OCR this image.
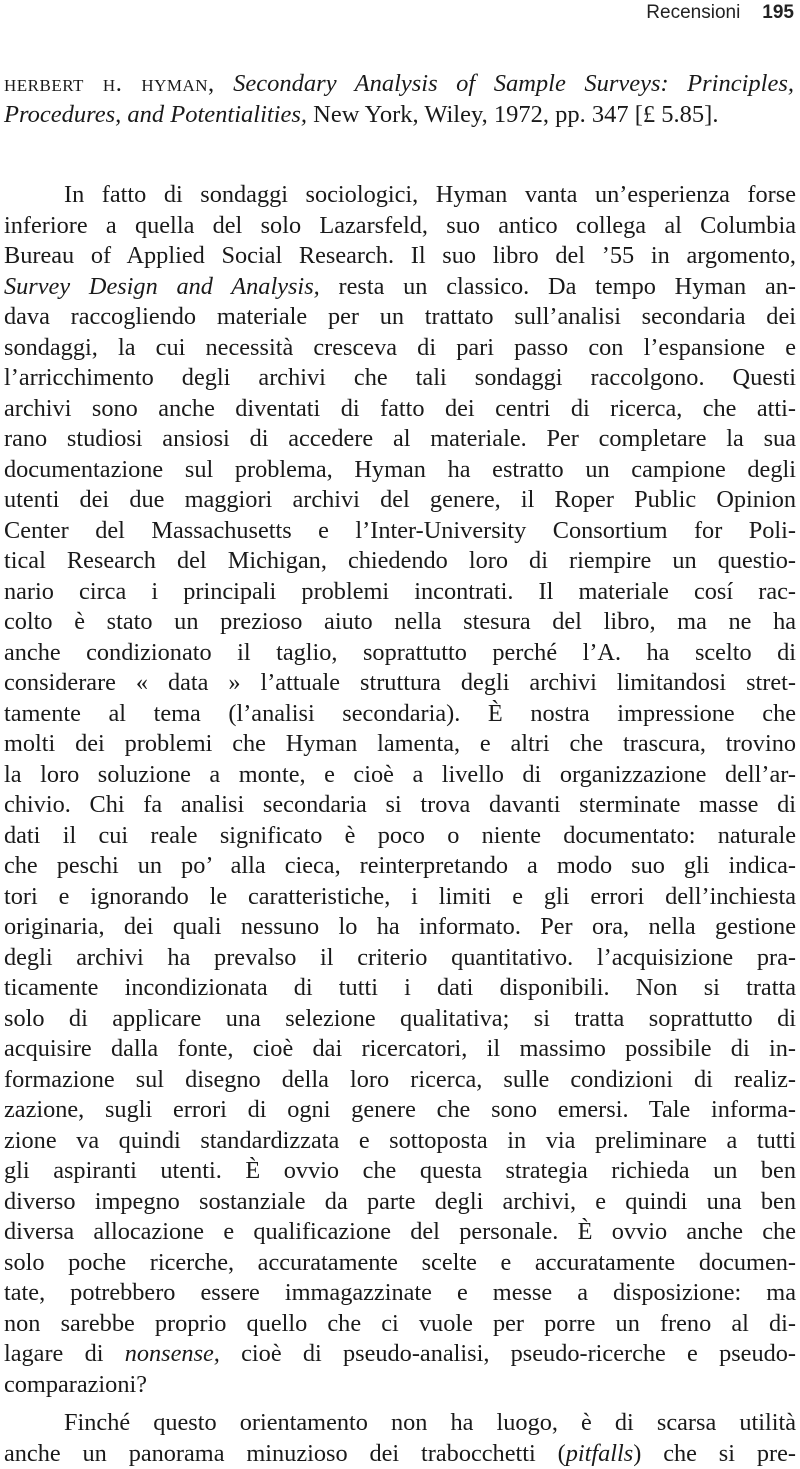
Recensioni 195
herbert h. hyman, Secondary Analysis of Sample Surveys: Principles, Procedures, and Potentialities, New York, Wiley, 1972, pp. 347 [£ 5.85].
In fatto di sondaggi sociologici, Hyman vanta un’esperienza forse
inferiore a quella del solo Lazarsfeld, suo antico collega al Columbia
Bureau of Applied Social Research. Il suo libro del ’55 in argomento,
Survey Design and Analysis, resta un classico. Da tempo Hyman an-
dava raccogliendo materiale per un trattato sull’analisi secondaria dei
sondaggi, la cui necessità cresceva di pari passo con l’espansione e
l’arricchimento degli archivi che tali sondaggi raccolgono. Questi
archivi sono anche diventati di fatto dei centri di ricerca, che atti-
rano studiosi ansiosi di accedere al materiale. Per completare la sua
documentazione sul problema, Hyman ha estratto un campione degli
utenti dei due maggiori archivi del genere, il Roper Public Opinion
Center del Massachusetts e l’Inter-University Consortium for Poli-
tical Research del Michigan, chiedendo loro di riempire un questio-
nario circa i principali problemi incontrati. Il materiale cosí rac-
colto è stato un prezioso aiuto nella stesura del libro, ma ne ha
anche condizionato il taglio, soprattutto perché l’A. ha scelto di
considerare « data » l’attuale struttura degli archivi limitandosi stret-
tamente al tema (l’analisi secondaria). È nostra impressione che
molti dei problemi che Hyman lamenta, e altri che trascura, trovino
la loro soluzione a monte, e cioè a livello di organizzazione dell’ar-
chivio. Chi fa analisi secondaria si trova davanti sterminate masse di
dati il cui reale significato è poco o niente documentato: naturale
che peschi un po’ alla cieca, reinterpretando a modo suo gli indica-
tori e ignorando le caratteristiche, i limiti e gli errori dell’inchiesta
originaria, dei quali nessuno lo ha informato. Per ora, nella gestione
degli archivi ha prevalso il criterio quantitativo. l’acquisizione pra-
ticamente incondizionata di tutti i dati disponibili. Non si tratta
solo di applicare una selezione qualitativa; si tratta soprattutto di
acquisire dalla fonte, cioè dai ricercatori, il massimo possibile di in-
formazione sul disegno della loro ricerca, sulle condizioni di realiz-
zazione, sugli errori di ogni genere che sono emersi. Tale informa-
zione va quindi standardizzata e sottoposta in via preliminare a tutti
gli aspiranti utenti. È ovvio che questa strategia richieda un ben
diverso impegno sostanziale da parte degli archivi, e quindi una ben
diversa allocazione e qualificazione del personale. È ovvio anche che
solo poche ricerche, accuratamente scelte e accuratamente documen-
tate, potrebbero essere immagazzinate e messe a disposizione: ma
non sarebbe proprio quello che ci vuole per porre un freno al di-
lagare di nonsense, cioè di pseudo-analisi, pseudo-ricerche e pseudo-
comparazioni?
Finché questo orientamento non ha luogo, è di scarsa utilità
anche un panorama minuzioso dei trabocchetti (pitfalls) che si pre-
